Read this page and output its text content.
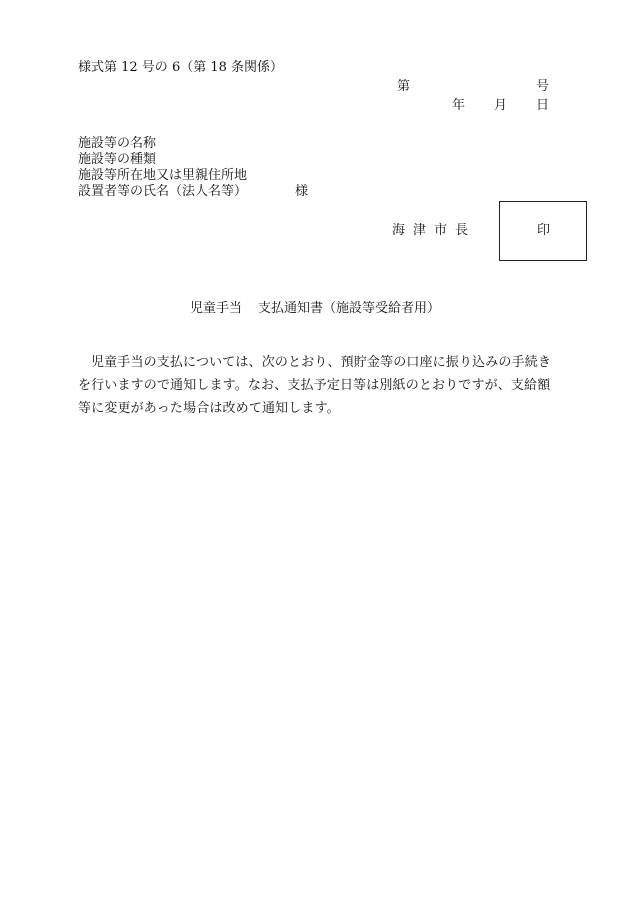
様式第 12 号の 6（第 18 条関係）
第	号
年 月 日
施設等の名称
施設等の種類
施設等所在地又は里親住所地
設置者等の氏名（法人名等）	様
海津市長	印
児童手当 支払通知書（施設等受給者用）
児童手当の支払については、次のとおり、預貯金等の口座に振り込みの手続きを行いますので通知します。なお、支払予定日等は別紙のとおりですが、支給額等に変更があった場合は改めて通知します。
